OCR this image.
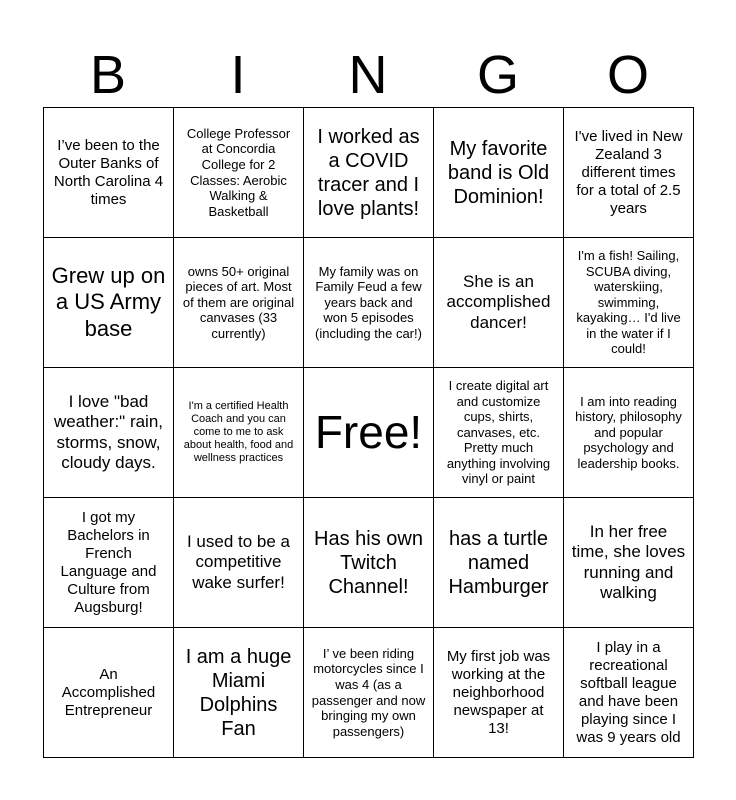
B	I	N	G	O
I’ve been to the Outer Banks of North Carolina 4 times	College Professor at Concordia College for 2 Classes: Aerobic Walking & Basketball	I worked as a COVID tracer and I love plants!	My favorite band is Old Dominion!	I've lived in New Zealand 3 different times for a total of 2.5 years
Grew up on a US Army base	owns 50+ original pieces of art. Most of them are original canvases (33 currently)	My family was on Family Feud a few years back and won 5 episodes (including the car!)	She is an accomplished dancer!	I'm a fish! Sailing, SCUBA diving, waterskiing, swimming, kayaking… I'd live in the water if I could!
I love "bad weather:" rain, storms, snow, cloudy days.	I'm a certified Health Coach and you can come to me to ask about health, food and wellness practices	Free!	I create digital art and customize cups, shirts, canvases, etc. Pretty much anything involving vinyl or paint	I am into reading history, philosophy and popular psychology and leadership books.
I got my Bachelors in French Language and Culture from Augsburg!	I used to be a competitive wake surfer!	Has his own Twitch Channel!	has a turtle named Hamburger	In her free time, she loves running and walking
An Accomplished Entrepreneur	I am a huge Miami Dolphins Fan	I’ ve been riding motorcycles since I was 4 (as a passenger and now bringing my own passengers)	My first job was working at the neighborhood newspaper at 13!	I play in a recreational softball league and have been playing since I was 9 years old
